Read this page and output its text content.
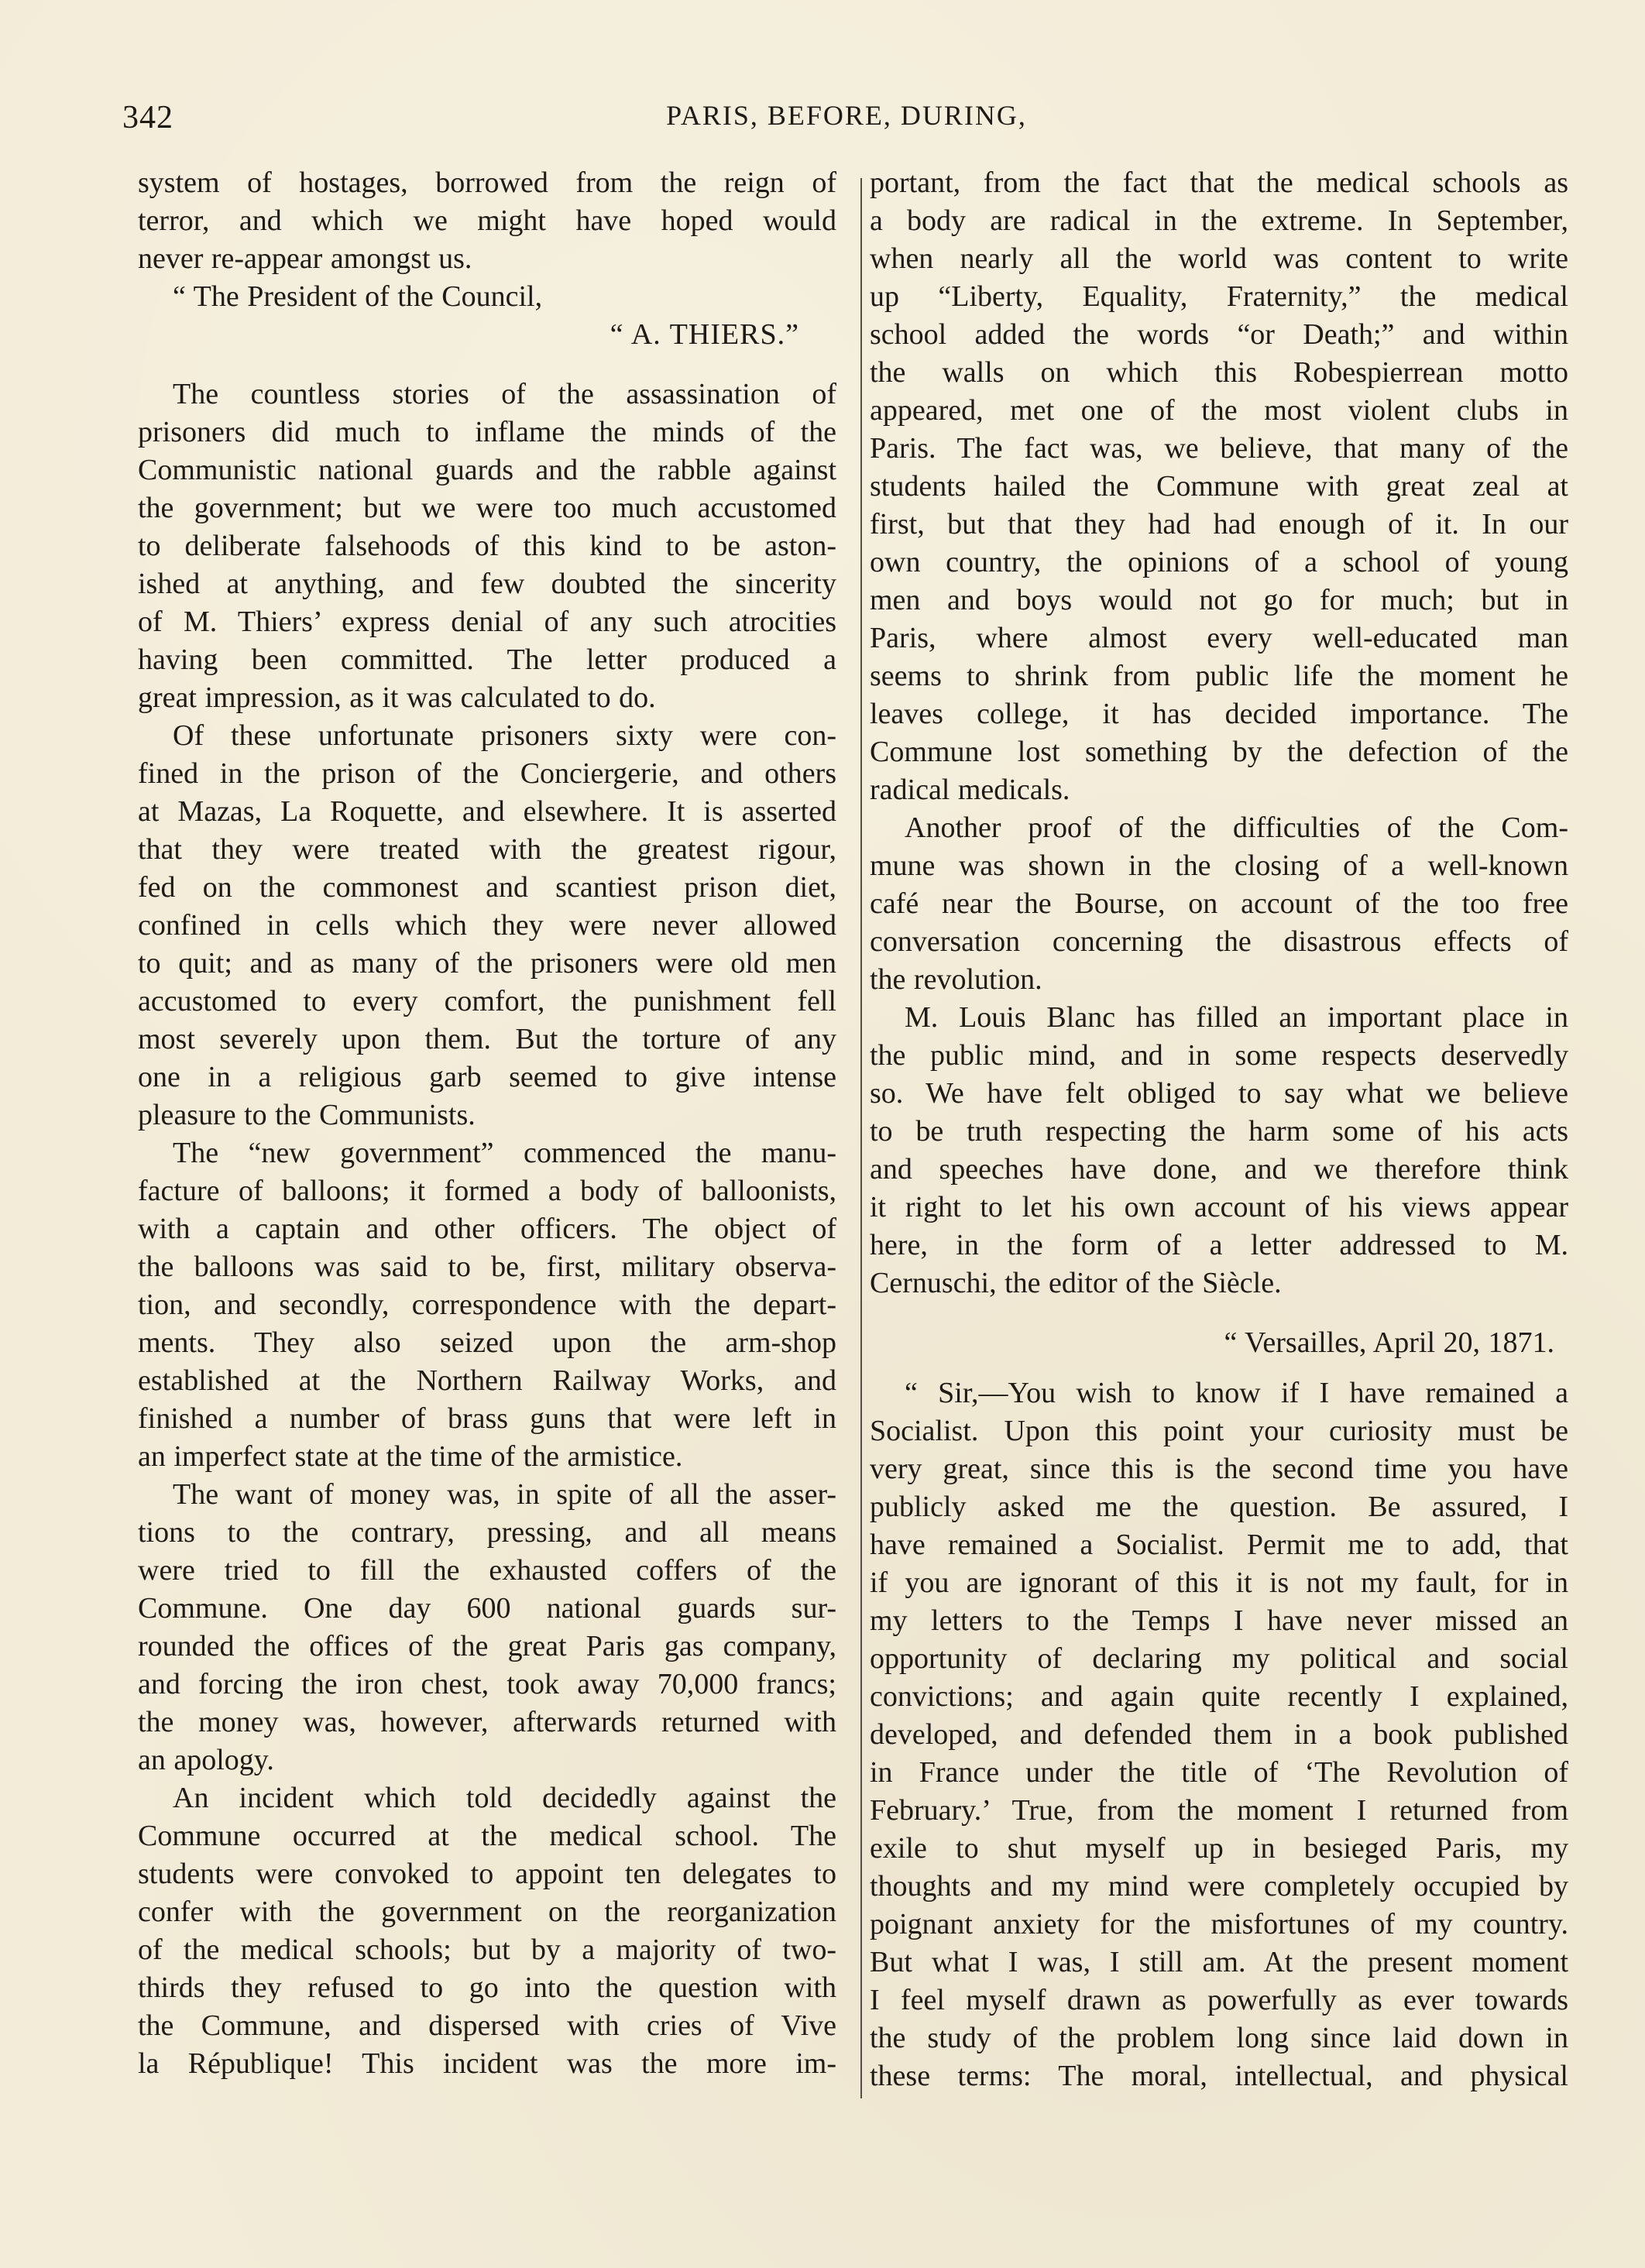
342	PARIS, BEFORE, DURING,
system of hostages, borrowed from the reign of
terror, and which we might have hoped would
never re-appear amongst us.
“ The President of the Council,
“ A. THIERS.”
The countless stories of the assassination of
prisoners did much to inflame the minds of the
Communistic national guards and the rabble against
the government; but we were too much accustomed
to deliberate falsehoods of this kind to be aston-
ished at anything, and few doubted the sincerity
of M. Thiers’ express denial of any such atrocities
having been committed. The letter produced a
great impression, as it was calculated to do.
Of these unfortunate prisoners sixty were con-
fined in the prison of the Conciergerie, and others
at Mazas, La Roquette, and elsewhere. It is asserted
that they were treated with the greatest rigour,
fed on the commonest and scantiest prison diet,
confined in cells which they were never allowed
to quit; and as many of the prisoners were old men
accustomed to every comfort, the punishment fell
most severely upon them. But the torture of any
one in a religious garb seemed to give intense
pleasure to the Communists.
The “new government” commenced the manu-
facture of balloons; it formed a body of balloonists,
with a captain and other officers. The object of
the balloons was said to be, first, military observa-
tion, and secondly, correspondence with the depart-
ments. They also seized upon the arm-shop
established at the Northern Railway Works, and
finished a number of brass guns that were left in
an imperfect state at the time of the armistice.
The want of money was, in spite of all the asser-
tions to the contrary, pressing, and all means
were tried to fill the exhausted coffers of the
Commune. One day 600 national guards sur-
rounded the offices of the great Paris gas company,
and forcing the iron chest, took away 70,000 francs;
the money was, however, afterwards returned with
an apology.
An incident which told decidedly against the
Commune occurred at the medical school. The
students were convoked to appoint ten delegates to
confer with the government on the reorganization
of the medical schools; but by a majority of two-
thirds they refused to go into the question with
the Commune, and dispersed with cries of Vive
la République! This incident was the more im-
portant, from the fact that the medical schools as
a body are radical in the extreme. In September,
when nearly all the world was content to write
up “Liberty, Equality, Fraternity,” the medical
school added the words “or Death;” and within
the walls on which this Robespierrean motto
appeared, met one of the most violent clubs in
Paris. The fact was, we believe, that many of the
students hailed the Commune with great zeal at
first, but that they had had enough of it. In our
own country, the opinions of a school of young
men and boys would not go for much; but in
Paris, where almost every well-educated man
seems to shrink from public life the moment he
leaves college, it has decided importance. The
Commune lost something by the defection of the
radical medicals.
Another proof of the difficulties of the Com-
mune was shown in the closing of a well-known
café near the Bourse, on account of the too free
conversation concerning the disastrous effects of
the revolution.
M. Louis Blanc has filled an important place in
the public mind, and in some respects deservedly
so. We have felt obliged to say what we believe
to be truth respecting the harm some of his acts
and speeches have done, and we therefore think
it right to let his own account of his views appear
here, in the form of a letter addressed to M.
Cernuschi, the editor of the Siècle.
“ Versailles, April 20, 1871.
“ Sir,—You wish to know if I have remained a
Socialist. Upon this point your curiosity must be
very great, since this is the second time you have
publicly asked me the question. Be assured, I
have remained a Socialist. Permit me to add, that
if you are ignorant of this it is not my fault, for in
my letters to the Temps I have never missed an
opportunity of declaring my political and social
convictions; and again quite recently I explained,
developed, and defended them in a book published
in France under the title of ‘The Revolution of
February.’ True, from the moment I returned from
exile to shut myself up in besieged Paris, my
thoughts and my mind were completely occupied by
poignant anxiety for the misfortunes of my country.
But what I was, I still am. At the present moment
I feel myself drawn as powerfully as ever towards
the study of the problem long since laid down in
these terms: The moral, intellectual, and physical
